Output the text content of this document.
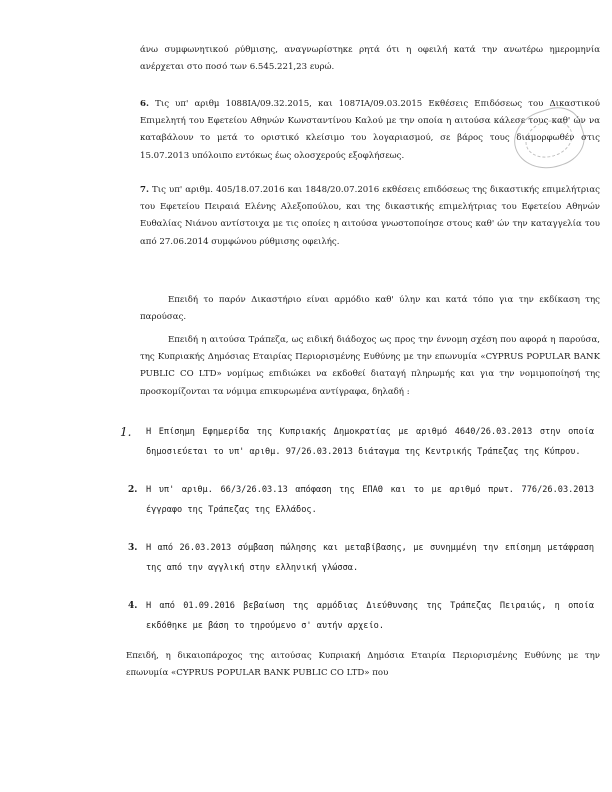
άνω συμφωνητικού ρύθμισης, αναγνωρίστηκε ρητά ότι η οφειλή κατά την ανωτέρω ημερομηνία ανέρχεται στο ποσό των 6.545.221,23 ευρώ.

6. Τις υπ' αριθμ 1088ΙΑ/09.32.2015, και 1087ΙΑ/09.03.2015 Εκθέσεις Επιδόσεως του Δικαστικού Επιμελητή του Εφετείου Αθηνών Κωνσταντίνου Καλού με την οποία η αιτούσα κάλεσε τους καθ' ών να καταβάλουν το μετά τo οριστικό κλείσιμο του λογαριασμού, σε βάρος τους διαμορφωθέν στις 15.07.2013 υπόλοιπο εντόκως έως ολοσχερούς εξοφλήσεως.

7. Τις υπ' αριθμ. 405/18.07.2016 και 1848/20.07.2016 εκθέσεις επιδόσεως της δικαστικής επιμελήτριας του Εφετείου Πειραιά Ελένης Αλεξοπούλου, και της δικαστικής επιμελήτριας του Εφετείου Αθηνών Ευθαλίας Νιάνου αντίστοιχα με τις οποίες η αιτούσα γνωστοποίησε στους καθ' ών την καταγγελία του από 27.06.2014 συμφώνου ρύθμισης οφειλής.

Επειδή το παρόν Δικαστήριο είναι αρμόδιο καθ' ύλην και κατά τόπο για την εκδίκαση της παρούσας.

Επειδή η αιτούσα Τράπεζα, ως ειδική διάδοχος ως προς την έννομη σχέση που αφορά η παρούσα, της Κυπριακής Δημόσιας Εταιρίας Περιορισμένης Ευθύνης με την επωνυμία «CYPRUS POPULAR BANK PUBLIC CO LTD» νομίμως επιδιώκει να εκδοθεί διαταγή πληρωμής και για την νομιμοποίησή της προσκομίζονται τα νόμιμα επικυρωμένα αντίγραφα, δηλαδή :

1. Η Επίσημη Εφημερίδα της Κυπριακής Δημοκρατίας με αριθμό 4640/26.03.2013 στην οποία δημοσιεύεται το υπ' αριθμ. 97/26.03.2013 διάταγμα της Κεντρικής Τράπεζας της Κύπρου.
2. Η υπ' αριθμ. 66/3/26.03.13 απόφαση της ΕΠΑΘ και το με αριθμό πρωτ. 776/26.03.2013 έγγραφο της Τράπεζας της Ελλάδος.
3. Η από 26.03.2013 σύμβαση πώλησης και μεταβίβασης, με συνημμένη την επίσημη μετάφραση της από την αγγλική στην ελληνική γλώσσα.
4. Η από 01.09.2016 βεβαίωση της αρμόδιας Διεύθυνσης της Τράπεζας Πειραιώς, η οποία εκδόθηκε με βάση το τηρούμενο σ' αυτήν αρχείο.

Επειδή, η δικαιοπάροχος της αιτούσας Κυπριακή Δημόσια Εταιρία Περιορισμένης Ευθύνης με την επωνυμία «CYPRUS POPULAR BANK PUBLIC CO LTD» που
